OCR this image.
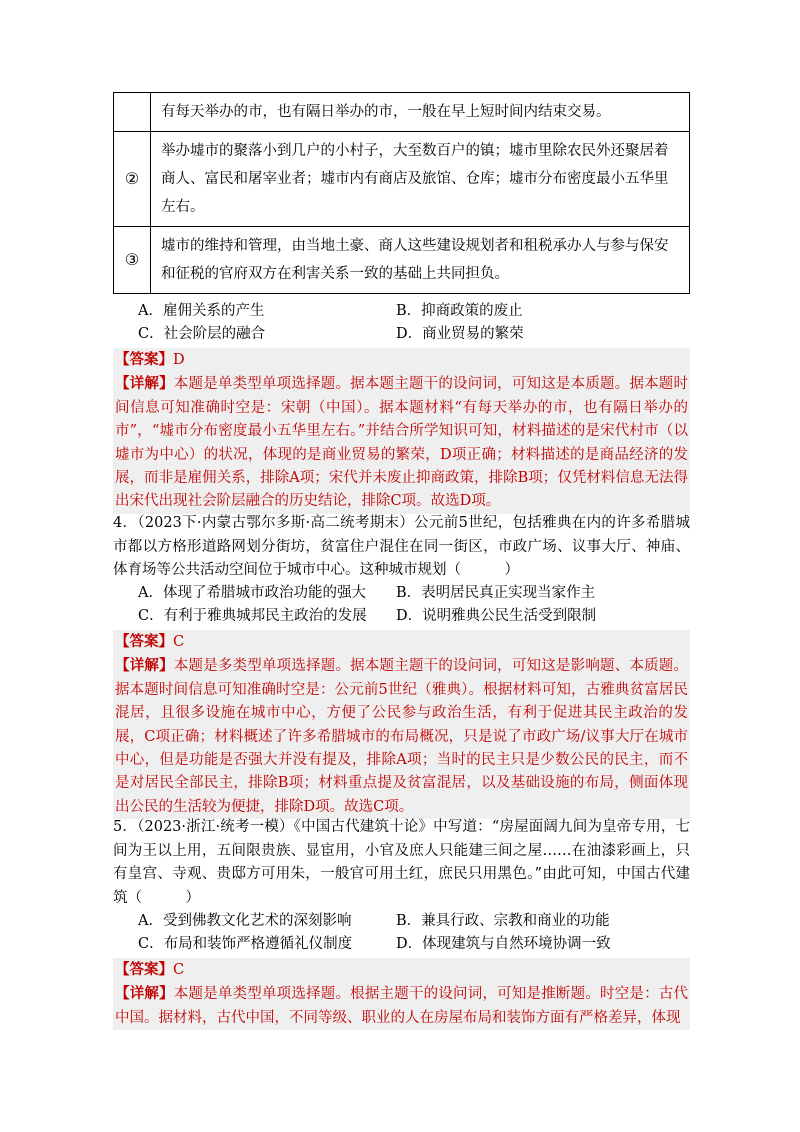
	有每天举办的市，也有隔日举办的市，一般在早上短时间内结束交易。
②	举办墟市的聚落小到几户的小村子，大至数百户的镇；墟市里除农民外还聚居着商人、富民和屠宰业者；墟市内有商店及旅馆、仓库；墟市分布密度最小五华里左右。
③	墟市的维持和管理，由当地土豪、商人这些建设规划者和租税承办人与参与保安和征税的官府双方在利害关系一致的基础上共同担负。
A．雇佣关系的产生	B．抑商政策的废止
C．社会阶层的融合	D．商业贸易的繁荣

【答案】D

【详解】本题是单类型单项选择题。据本题主题干的设问词，可知这是本质题。据本题时间信息可知准确时空是：宋朝（中国）。据本题材料“有每天举办的市，也有隔日举办的市”，“墟市分布密度最小五华里左右。”并结合所学知识可知，材料描述的是宋代村市（以墟市为中心）的状况，体现的是商业贸易的繁荣，D项正确；材料描述的是商品经济的发展，而非是雇佣关系，排除A项；宋代并未废止抑商政策，排除B项；仅凭材料信息无法得出宋代出现社会阶层融合的历史结论，排除C项。故选D项。

4．（2023下·内蒙古鄂尔多斯·高二统考期末）公元前5世纪，包括雅典在内的许多希腊城市都以方格形道路网划分街坊，贫富住户混住在同一街区，市政广场、议事大厅、神庙、体育场等公共活动空间位于城市中心。这种城市规划（　　　）

A．体现了希腊城市政治功能的强大	B．表明居民真正实现当家作主
C．有利于雅典城邦民主政治的发展	D．说明雅典公民生活受到限制

【答案】C

【详解】本题是多类型单项选择题。据本题主题干的设问词，可知这是影响题、本质题。据本题时间信息可知准确时空是：公元前5世纪（雅典）。根据材料可知，古雅典贫富居民混居，且很多设施在城市中心，方便了公民参与政治生活，有利于促进其民主政治的发展，C项正确；材料概述了许多希腊城市的布局概况，只是说了市政广场/议事大厅在城市中心，但是功能是否强大并没有提及，排除A项；当时的民主只是少数公民的民主，而不是对居民全部民主，排除B项；材料重点提及贫富混居，以及基础设施的布局，侧面体现出公民的生活较为便捷，排除D项。故选C项。

5．（2023·浙江·统考一模）《中国古代建筑十论》中写道：“房屋面阔九间为皇帝专用，七间为王以上用，五间限贵族、显宦用，小官及庶人只能建三间之屋……在油漆彩画上，只有皇宫、寺观、贵邸方可用朱，一般官可用土红，庶民只用黑色。”由此可知，中国古代建筑（　　　）

A．受到佛教文化艺术的深刻影响	B．兼具行政、宗教和商业的功能
C．布局和装饰严格遵循礼仪制度	D．体现建筑与自然环境协调一致

【答案】C

【详解】本题是单类型单项选择题。根据主题干的设问词，可知是推断题。时空是：古代中国。据材料，古代中国，不同等级、职业的人在房屋布局和装饰方面有严格差异，体现
